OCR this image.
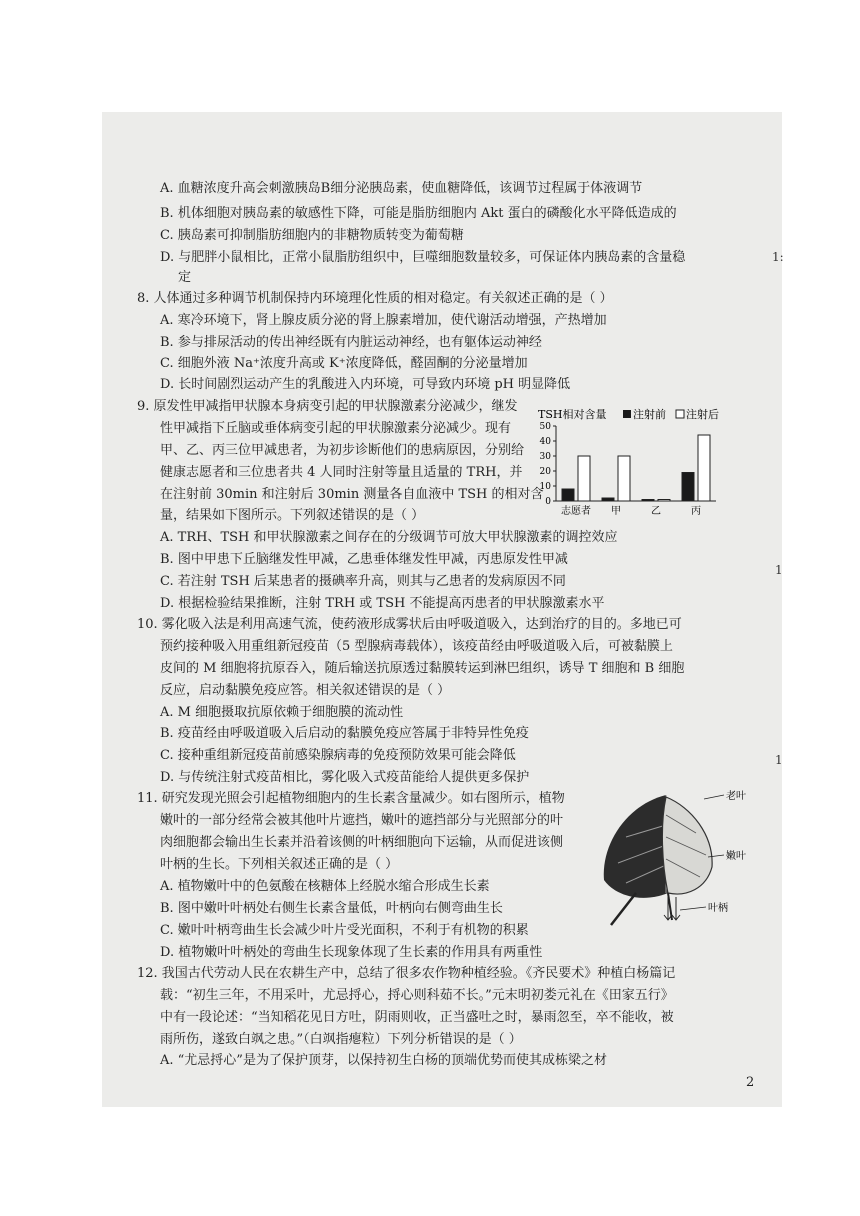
A. 血糖浓度升高会刺激胰岛B细分泌胰岛素，使血糖降低，该调节过程属于体液调节
B. 机体细胞对胰岛素的敏感性下降，可能是脂肪细胞内 Akt 蛋白的磷酸化水平降低造成的
C. 胰岛素可抑制脂肪细胞内的非糖物质转变为葡萄糖
D. 与肥胖小鼠相比，正常小鼠脂肪组织中，巨噬细胞数量较多，可保证体内胰岛素的含量稳
定
8. 人体通过多种调节机制保持内环境理化性质的相对稳定。有关叙述正确的是（ ）
A. 寒冷环境下，肾上腺皮质分泌的肾上腺素增加，使代谢活动增强，产热增加
B. 参与排尿活动的传出神经既有内脏运动神经，也有躯体运动神经
C. 细胞外液 Na⁺浓度升高或 K⁺浓度降低，醛固酮的分泌量增加
D. 长时间剧烈运动产生的乳酸进入内环境，可导致内环境 pH 明显降低
9. 原发性甲减指甲状腺本身病变引起的甲状腺激素分泌减少，继发
性甲减指下丘脑或垂体病变引起的甲状腺激素分泌减少。现有
甲、乙、丙三位甲减患者，为初步诊断他们的患病原因，分别给
健康志愿者和三位患者共 4 人同时注射等量且适量的 TRH，并
在注射前 30min 和注射后 30min 测量各自血液中 TSH 的相对含
量，结果如下图所示。下列叙述错误的是（ ）
A. TRH、TSH 和甲状腺激素之间存在的分级调节可放大甲状腺激素的调控效应
B. 图中甲患下丘脑继发性甲减，乙患垂体继发性甲减，丙患原发性甲减
C. 若注射 TSH 后某患者的摄碘率升高，则其与乙患者的发病原因不同
D. 根据检验结果推断，注射 TRH 或 TSH 不能提高丙患者的甲状腺激素水平
10. 雾化吸入法是利用高速气流，使药液形成雾状后由呼吸道吸入，达到治疗的目的。多地已可
预约接种吸入用重组新冠疫苗（5 型腺病毒载体），该疫苗经由呼吸道吸入后，可被黏膜上
皮间的 M 细胞将抗原吞入，随后输送抗原透过黏膜转运到淋巴组织，诱导 T 细胞和 B 细胞
反应，启动黏膜免疫应答。相关叙述错误的是（ ）
A. M 细胞摄取抗原依赖于细胞膜的流动性
B. 疫苗经由呼吸道吸入后启动的黏膜免疫应答属于非特异性免疫
C. 接种重组新冠疫苗前感染腺病毒的免疫预防效果可能会降低
D. 与传统注射式疫苗相比，雾化吸入式疫苗能给人提供更多保护
11. 研究发现光照会引起植物细胞内的生长素含量减少。如右图所示，植物
嫩叶的一部分经常会被其他叶片遮挡，嫩叶的遮挡部分与光照部分的叶
肉细胞都会输出生长素并沿着该侧的叶柄细胞向下运输，从而促进该侧
叶柄的生长。下列相关叙述正确的是（ ）
A. 植物嫩叶中的色氨酸在核糖体上经脱水缩合形成生长素
B. 图中嫩叶叶柄处右侧生长素含量低，叶柄向右侧弯曲生长
C. 嫩叶叶柄弯曲生长会减少叶片受光面积，不利于有机物的积累
D. 植物嫩叶叶柄处的弯曲生长现象体现了生长素的作用具有两重性
12. 我国古代劳动人民在农耕生产中，总结了很多农作物种植经验。《齐民要术》种植白杨篇记
载：“初生三年，不用采叶，尤忌捋心，捋心则科茹不长。”元末明初娄元礼在《田家五行》
中有一段论述：“当知稻花见日方吐，阴雨则收，正当盛吐之时，暴雨忽至，卒不能收，被
雨所伤，遂致白飒之患。”（白飒指瘪粒）下列分析错误的是（ ）
A. “尤忌捋心”是为了保护顶芽，以保持初生白杨的顶端优势而使其成栋梁之材
1:
1
1
2
TSH相对含量 注射前 注射后
0
10
20
30
40
50
志愿者 甲	乙	丙
老叶
嫩叶
叶柄
